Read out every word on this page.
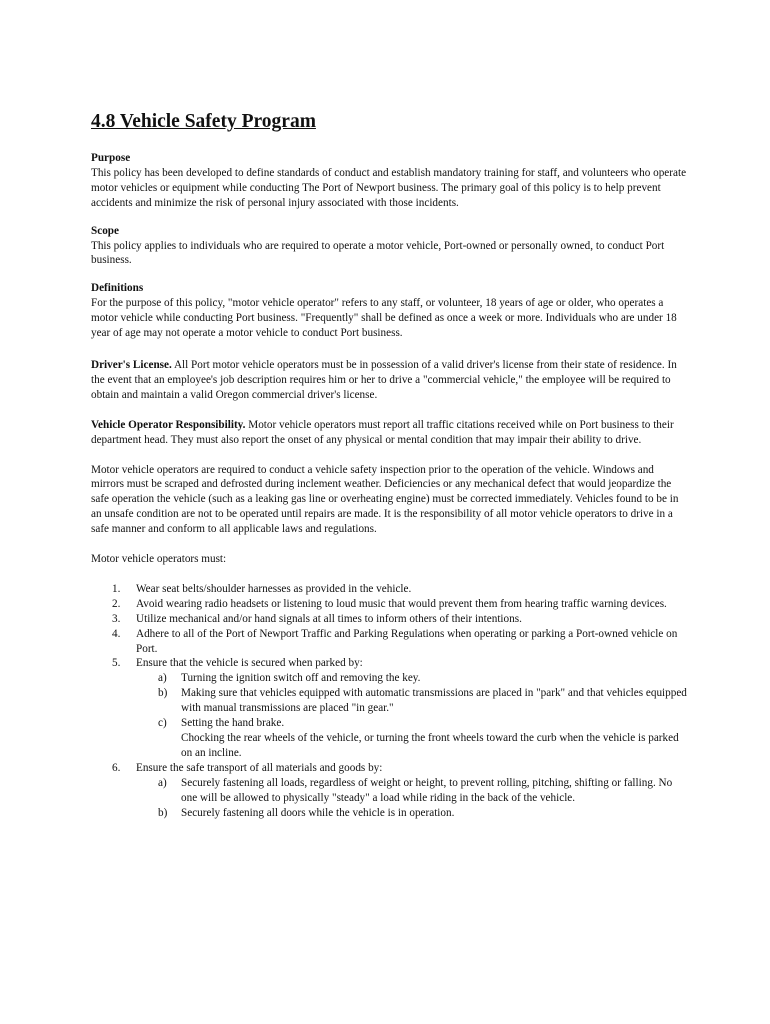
4.8 Vehicle Safety Program
Purpose
This policy has been developed to define standards of conduct and establish mandatory training for staff, and volunteers who operate motor vehicles or equipment while conducting The Port of Newport business. The primary goal of this policy is to help prevent accidents and minimize the risk of personal injury associated with those incidents.
Scope
This policy applies to individuals who are required to operate a motor vehicle, Port-owned or personally owned, to conduct Port business.
Definitions
For the purpose of this policy, "motor vehicle operator" refers to any staff, or volunteer, 18 years of age or older, who operates a motor vehicle while conducting Port business. "Frequently" shall be defined as once a week or more. Individuals who are under 18 year of age may not operate a motor vehicle to conduct Port business.

Driver's License. All Port motor vehicle operators must be in possession of a valid driver's license from their state of residence. In the event that an employee's job description requires him or her to drive a "commercial vehicle," the employee will be required to obtain and maintain a valid Oregon commercial driver's license.

Vehicle Operator Responsibility. Motor vehicle operators must report all traffic citations received while on Port business to their department head. They must also report the onset of any physical or mental condition that may impair their ability to drive.

Motor vehicle operators are required to conduct a vehicle safety inspection prior to the operation of the vehicle. Windows and mirrors must be scraped and defrosted during inclement weather. Deficiencies or any mechanical defect that would jeopardize the safe operation the vehicle (such as a leaking gas line or overheating engine) must be corrected immediately. Vehicles found to be in an unsafe condition are not to be operated until repairs are made. It is the responsibility of all motor vehicle operators to drive in a safe manner and conform to all applicable laws and regulations.

Motor vehicle operators must:

1. Wear seat belts/shoulder harnesses as provided in the vehicle.
2. Avoid wearing radio headsets or listening to loud music that would prevent them from hearing traffic warning devices.
3. Utilize mechanical and/or hand signals at all times to inform others of their intentions.
4. Adhere to all of the Port of Newport Traffic and Parking Regulations when operating or parking a Port-owned vehicle on Port.
5. Ensure that the vehicle is secured when parked by:
a) Turning the ignition switch off and removing the key.
b) Making sure that vehicles equipped with automatic transmissions are placed in "park" and that vehicles equipped with manual transmissions are placed "in gear."
c) Setting the hand brake.
Chocking the rear wheels of the vehicle, or turning the front wheels toward the curb when the vehicle is parked on an incline.
6. Ensure the safe transport of all materials and goods by:
a) Securely fastening all loads, regardless of weight or height, to prevent rolling, pitching, shifting or falling. No one will be allowed to physically "steady" a load while riding in the back of the vehicle.
b) Securely fastening all doors while the vehicle is in operation.
